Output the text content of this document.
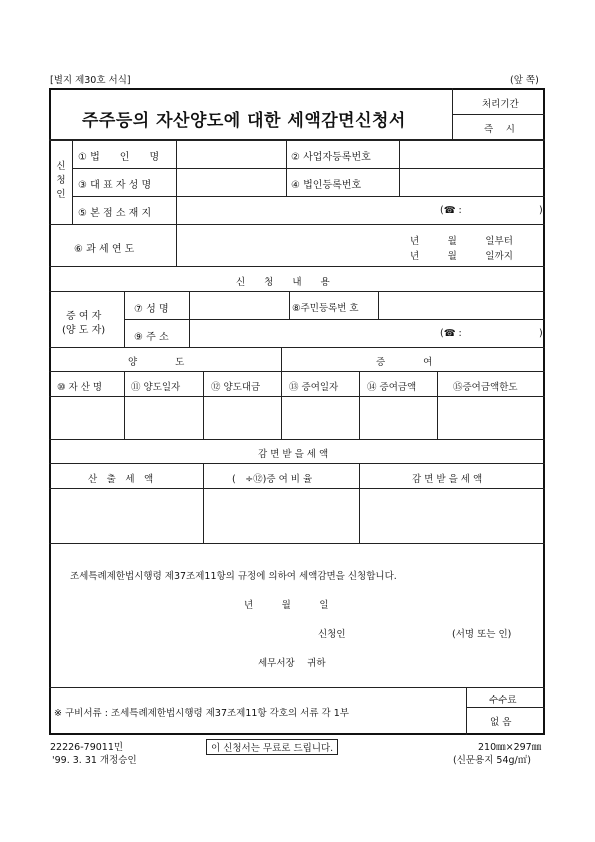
[별지 제30호 서식]	(앞 쪽)
주주등의 자산양도에 대한 세액감면신청서
처리기간
즉　 시
신
청
인
① 법　　인　　명	② 사업자등록번호
③ 대 표 자 성 명	④ 법인등록번호
⑤ 본 점 소 재 지	(☎ :	)
⑥ 과 세 연 도
년　　　월　　　일부터
년　　　월　　　일까지
신　　청　　내　　용
증 여 자
(양 도 자)
⑦ 성 명	⑧주민등록번 호
⑨ 주 소	(☎ :	)
양　　　　도	증　　　　여
⑩ 자 산 명	⑪ 양도일자	⑫ 양도대금	⑬ 증여일자	⑭ 증여금액	⑮증여금액한도
감 면 받 을 세 액
산　출　세　액	(　÷⑫)증 여 비 율	감 면 받 을 세 액
조세특례제한법시행령 제37조제11항의 규정에 의하여 세액감면을 신청합니다.
년　　　월　　　일
신청인	(서명 또는 인)
세무서장　 귀하
※ 구비서류 : 조세특례제한법시행령 제37조제11항 각호의 서류 각 1부
수수료
없 음
22226-79011민
'99. 3. 31 개정승인
이 신청서는 무료로 드립니다.	210㎜×297㎜
(신문용지 54g/㎡)
